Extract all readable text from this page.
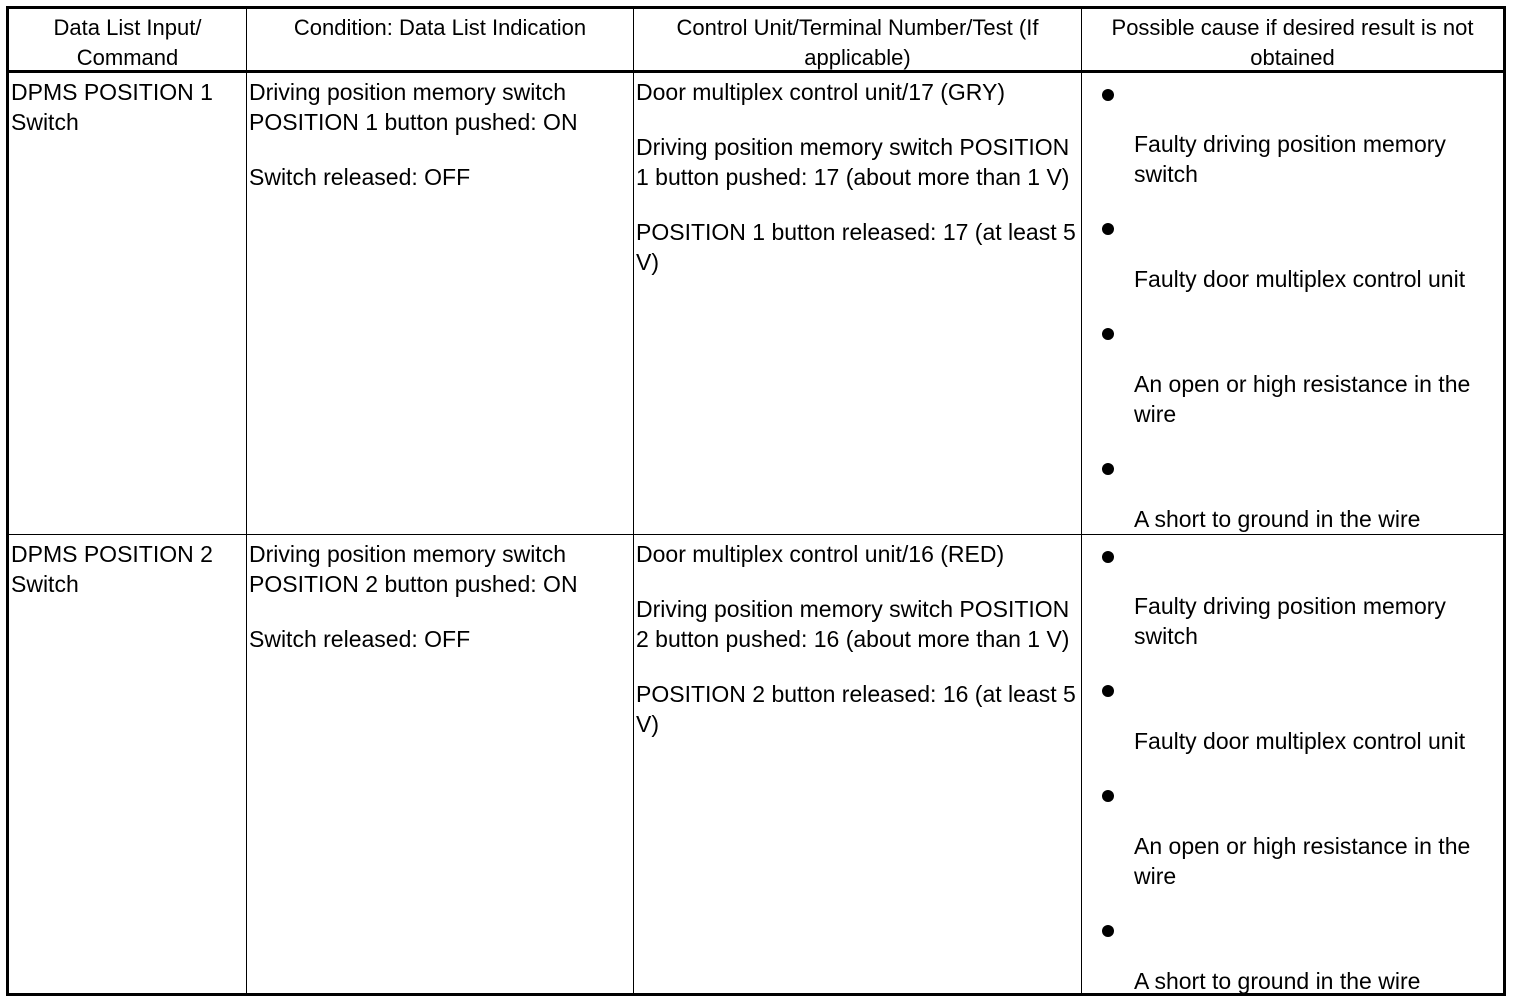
Data List Input/ Command
Condition: Data List Indication	Control Unit/Terminal Number/Test (If applicable)
Possible cause if desired result is not obtained
DPMS POSITION 1   Switch

Driving position memory switch POSITION 1 button pushed: ON

Switch released: OFF

Door multiplex control unit/17 (GRY)

Driving position memory switch POSITION 1 button pushed: 17 (about more than 1 V)

POSITION 1 button released: 17 (at least 5 V)

Faulty driving position memory switch
Faulty door multiplex control unit
An open or high resistance in the wire
A short to ground in the wire
DPMS POSITION 2   Switch

Driving position memory switch POSITION 2 button pushed: ON

Switch released: OFF

Door multiplex control unit/16 (RED)

Driving position memory switch POSITION 2 button pushed: 16 (about more than 1 V)

POSITION 2 button released: 16 (at least 5 V)

Faulty driving position memory switch
Faulty door multiplex control unit
An open or high resistance in the wire
A short to ground in the wire
